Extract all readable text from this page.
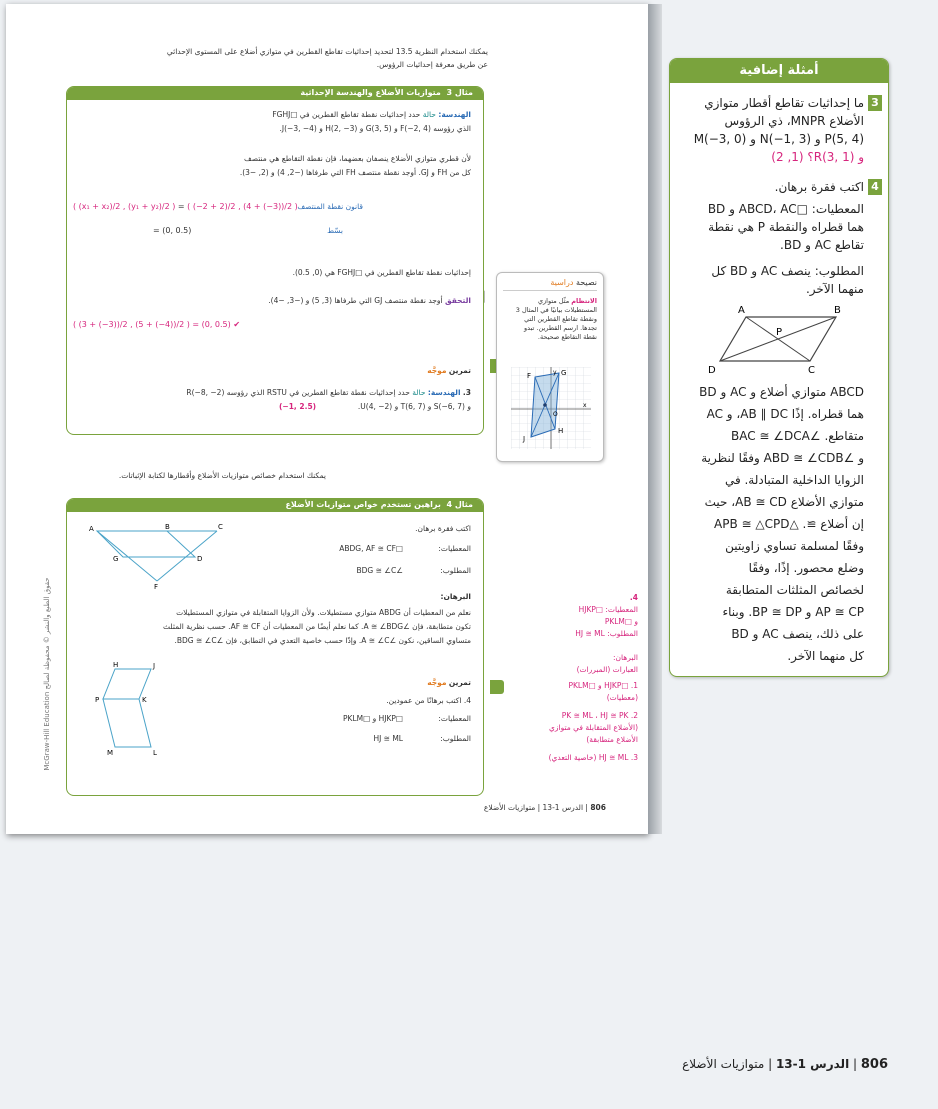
يمكنك استخدام النظرية 13.5 لتحديد إحداثيات تقاطع القطرين في متوازي أضلاع على المستوى الإحداثي
عن طريق معرفة إحداثيات الرؤوس.
مثال 3  متوازيات الأضلاع والهندسة الإحداثية
الهندسة: حالة حدد إحداثيات نقطة تقاطع القطرين في □FGHJ
الذي رؤوسه F(−2, 4) و G(3, 5) و H(2, −3) و J(−3, −4).
لأن قطري متوازي الأضلاع ينصفان بعضهما، فإن نقطة التقاطع هي منتصف
كل من FH و GJ. أوجد نقطة منتصف FH التي طرفاها (−2, 4) و (2, −3).
قانون نقطة المنتصف
( (x₁ + x₂)/2 , (y₁ + y₂)/2 ) = ( (−2 + 2)/2 , (4 + (−3))/2 )
بسّط
= (0, 0.5)
إحداثيات نقطة تقاطع القطرين في □FGHJ هي (0, 0.5).
التحقق أوجد نقطة منتصف GJ التي طرفاها (3, 5) و (−3, −4).
( (3 + (−3))/2 , (5 + (−4))/2 ) = (0, 0.5) ✔
تمرين موجَّه
3. الهندسة: حالة حدد إحداثيات نقطة تقاطع القطرين في RSTU الذي رؤوسه R(−8, −2)
و S(−6, 7) و T(6, 7) و U(4, −2).
(−1, 2.5)
نصيحة دراسية
الانتظام مثّل متوازي
المستطيلات بيانيًا في المثال 3
ونقطة تقاطع القطرين التي
تجدها. ارسم القطرين. تبدو
نقطة التقاطع صحيحة.
F	G
H
J
x
y
O
يمكنك استخدام خصائص متوازيات الأضلاع وأقطارها لكتابة الإثباتات.
مثال 4  براهين تستخدم خواص متوازيات الأضلاع
اكتب فقرة برهان.
المعطيات:
□ABDG, AF ≅ CF
المطلوب:
∠BDG ≅ ∠C
البرهان:
نعلم من المعطيات أن ABDG متوازي مستطيلات. ولأن الزوايا المتقابلة في متوازي المستطيلات
تكون متطابقة، فإن ∠A ≅ ∠BDG. كما نعلم أيضًا من المعطيات أن AF ≅ CF. حسب نظرية المثلث
متساوي الساقين، نكون ∠A ≅ ∠C. وإذًا حسب خاصية التعدي في التطابق، فإن ∠BDG ≅ ∠C.
A	B	C
G	D
F
تمرين موجَّه
4. اكتب برهانًا من عمودين.
المعطيات:
□HJKP و □PKLM
المطلوب:
HJ ≅ ML
H	J
P	K
M	L
4.
المعطيات: □HJKP
و □PKLM
المطلوب: HJ ≅ ML
البرهان:
العبارات (المبررات)
1. □HJKP و □PKLM
(معطيات)
2. PK ≅ ML ، HJ ≅ PK
(الأضلاع المتقابلة في متوازي
الأضلاع متطابقة)
3. HJ ≅ ML (خاصية التعدي)
حقوق الطبع والنشر © محفوظة لصالح McGraw-Hill Education
806 | الدرس 1-13 | متوازيات الأضلاع
أمثلة إضافية
3
ما إحداثيات تقاطع أقطار متوازي
الأضلاع MNPR، ذي الرؤوس
M(−3, 0) و N(−1, 3) و P(5, 4)
و R(3, 1)؟ (1, 2)
4
اكتب فقرة برهان.
المعطيات: □ABCD، AC و BD
هما قطراه والنقطة P هي نقطة
تقاطع AC و BD.
المطلوب: ينصف AC و BD كل
منهما الآخر.
A	B
P
D	C
ABCD متوازي أضلاع و AC و BD
هما قطراه. إذًا AB ∥ DC، و AC
متقاطع. ∠BAC ≅ ∠DCA
و ∠ABD ≅ ∠CDB وفقًا لنظرية
الزوايا الداخلية المتبادلة. في
متوازي الأضلاع AB ≅ CD، حيث
إن أضلاع ≅. △APB ≅ △CPD
وفقًا لمسلمة تساوي زاويتين
وضلع محصور. إذًا، وفقًا
لخصائص المثلثات المتطابقة
AP ≅ CP و BP ≅ DP. وبناء
على ذلك، ينصف AC و BD
كل منهما الآخر.
806 | الدرس 1-13 | متوازيات الأضلاع
